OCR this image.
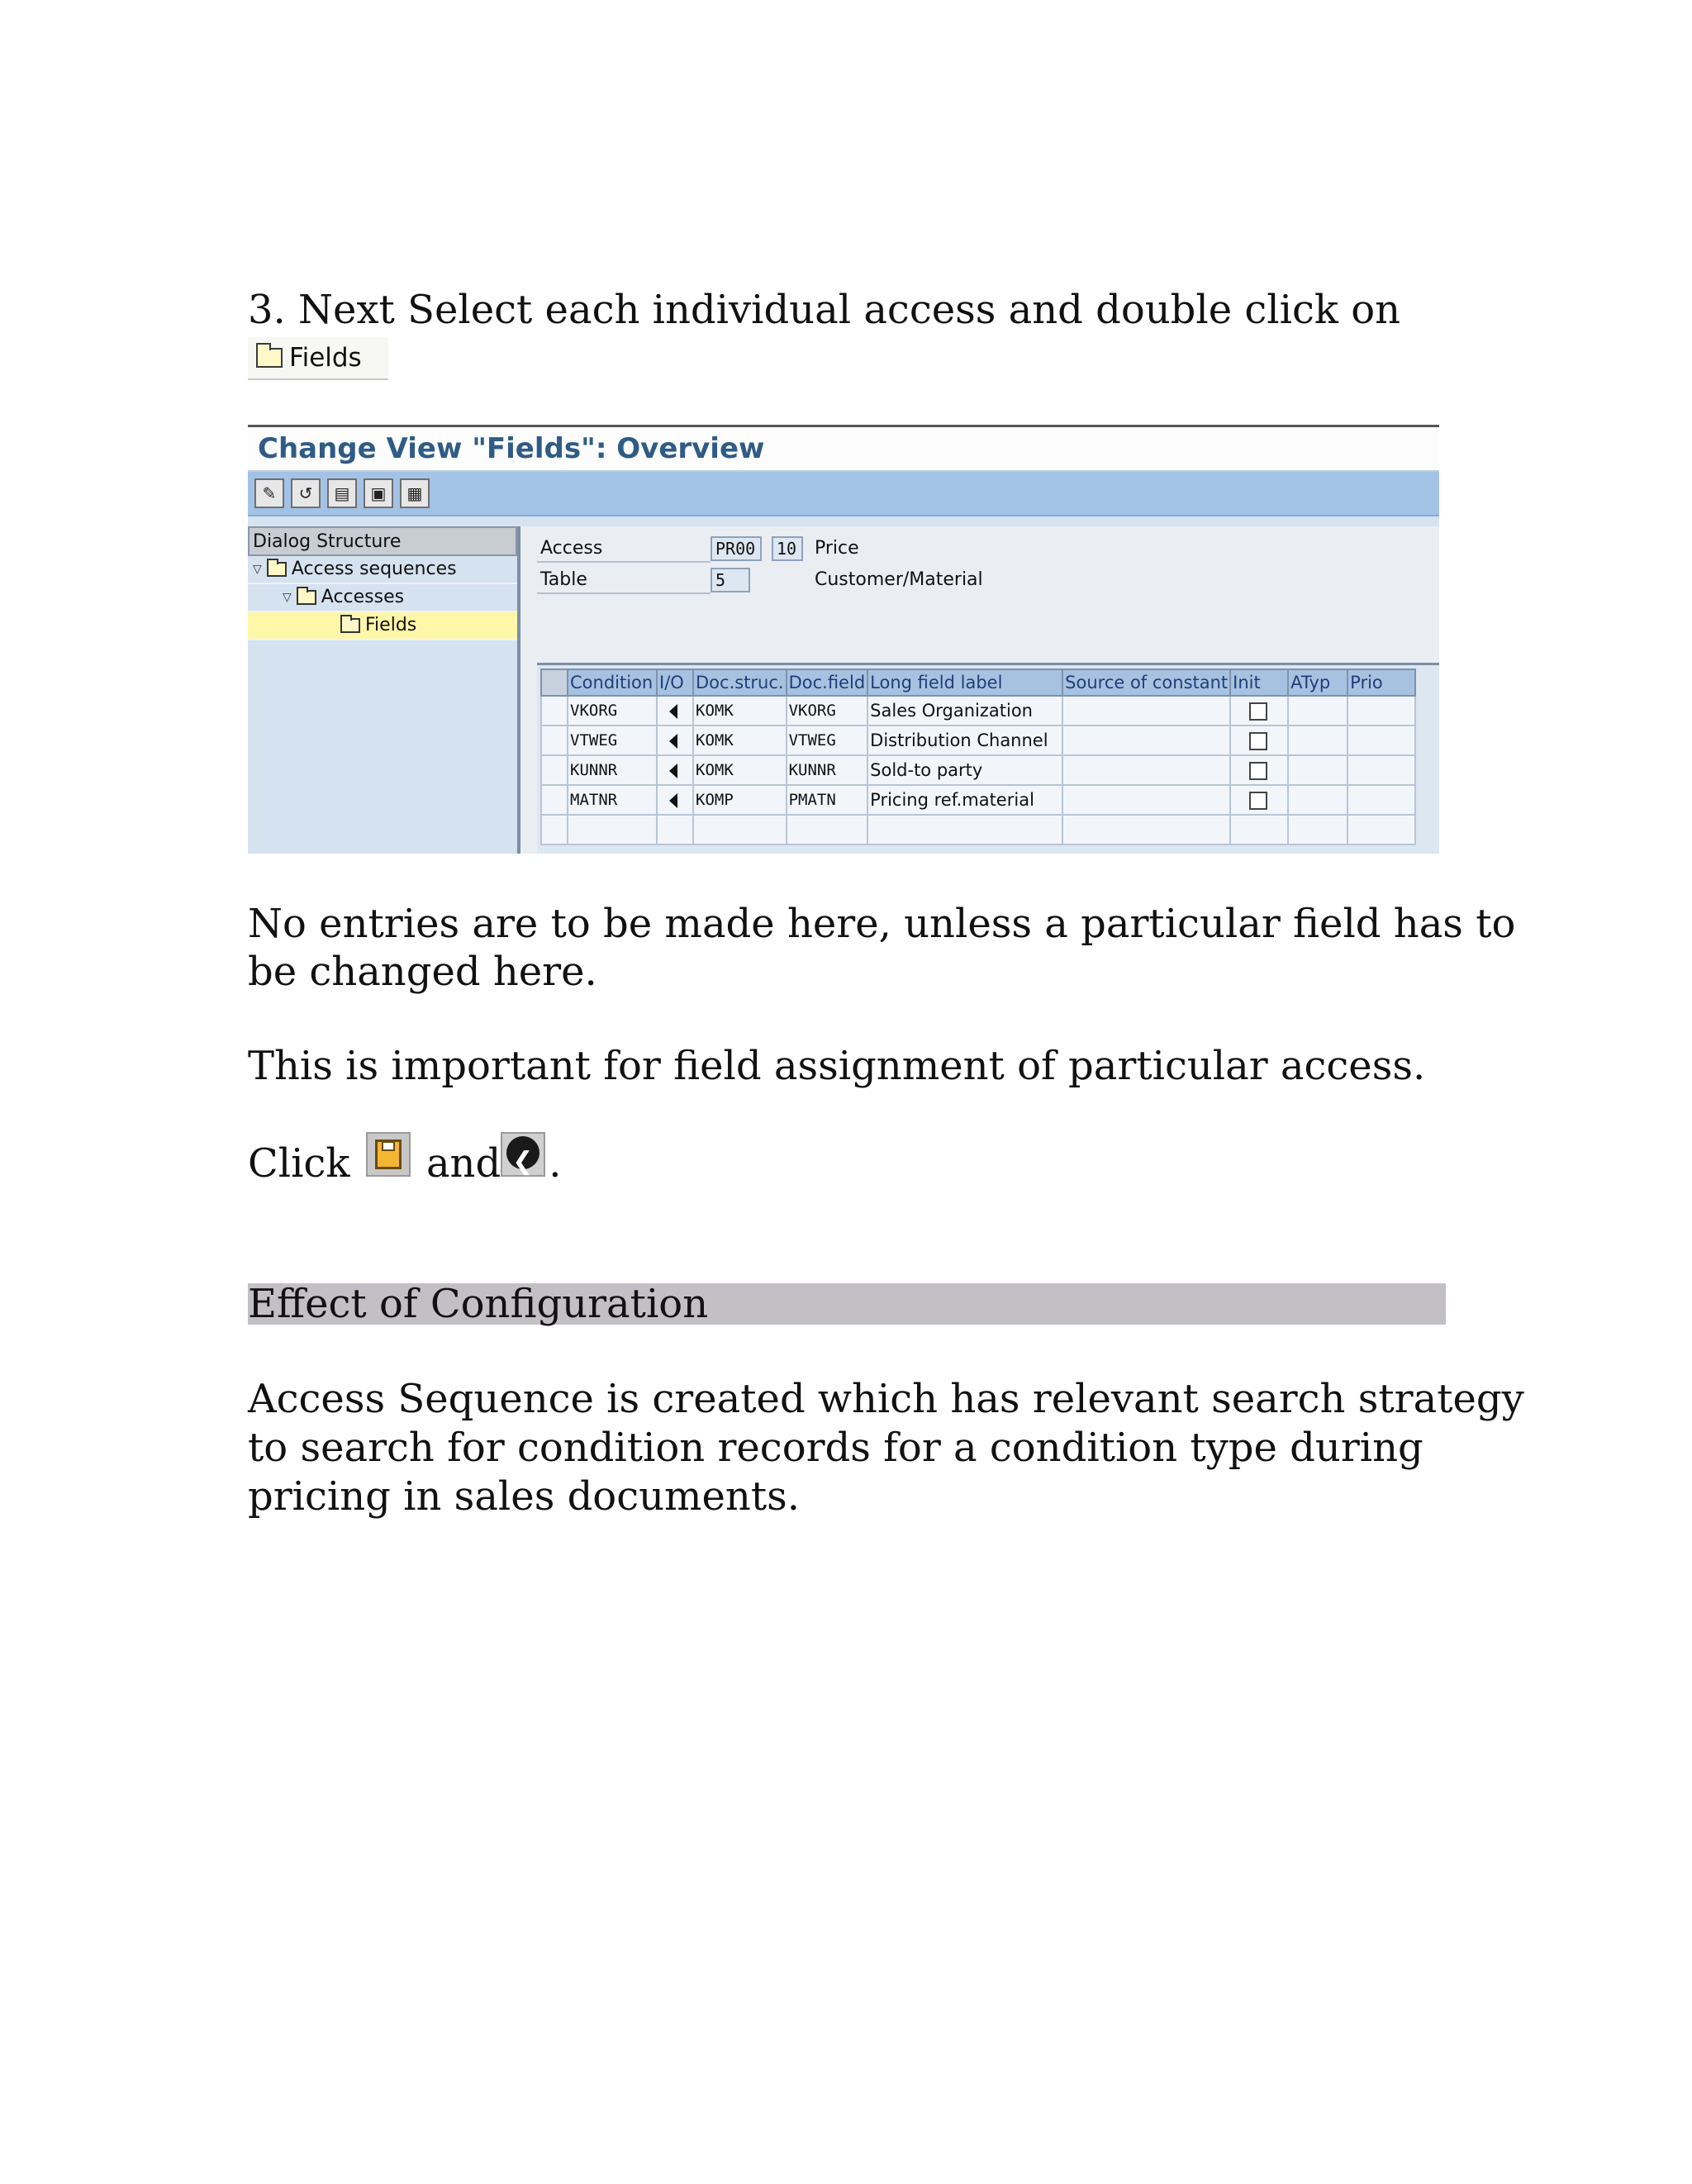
3. Next Select each individual access and double click on

Fields
Change View "Fields": Overview
✎	↺	▤	▣	▦
Dialog Structure
▽ Access sequences
▽ Accesses
Fields
Access	PR00	10 Price
Table	5	Customer/Material
	Condition	I/O	Doc.struc.	Doc.field	Long field label	Source of constant	Init	ATyp	Prio
	VKORG		KOMK	VKORG	Sales Organization				
	VTWEG		KOMK	VTWEG	Distribution Channel				
	KUNNR		KOMK	KUNNR	Sold-to party				
	MATNR		KOMP	PMATN	Pricing ref.material				

No entries are to be made here, unless a particular field has to

be changed here.

This is important for field assignment of particular access.

Click and ❮ .

Effect of Configuration

Access Sequence is created which has relevant search strategy

to search for condition records for a condition type during

pricing in sales documents.
